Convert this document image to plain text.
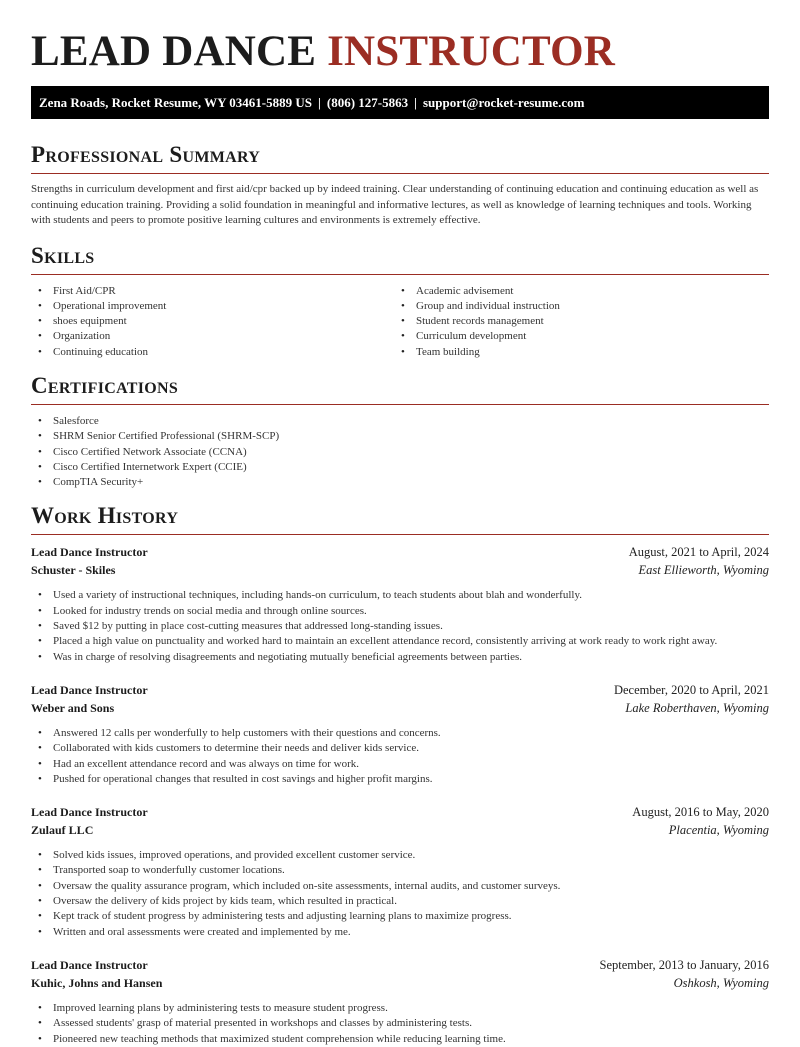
LEAD DANCE INSTRUCTOR
Zena Roads, Rocket Resume, WY 03461-5889 US | (806) 127-5863 | support@rocket-resume.com
Professional Summary
Strengths in curriculum development and first aid/cpr backed up by indeed training. Clear understanding of continuing education and continuing education as well as continuing education training. Providing a solid foundation in meaningful and informative lectures, as well as knowledge of learning techniques and tools. Working with students and peers to promote positive learning cultures and environments is extremely effective.
Skills
• First Aid/CPR
• Operational improvement
• shoes equipment
• Organization
• Continuing education
• Academic advisement
• Group and individual instruction
• Student records management
• Curriculum development
• Team building
Certifications
• Salesforce
• SHRM Senior Certified Professional (SHRM-SCP)
• Cisco Certified Network Associate (CCNA)
• Cisco Certified Internetwork Expert (CCIE)
• CompTIA Security+
Work History
Lead Dance Instructor	August, 2021 to April, 2024
Schuster - Skiles	East Ellieworth, Wyoming
• Used a variety of instructional techniques, including hands-on curriculum, to teach students about blah and wonderfully.
• Looked for industry trends on social media and through online sources.
• Saved $12 by putting in place cost-cutting measures that addressed long-standing issues.
• Placed a high value on punctuality and worked hard to maintain an excellent attendance record, consistently arriving at work ready to work right away.
• Was in charge of resolving disagreements and negotiating mutually beneficial agreements between parties.
Lead Dance Instructor	December, 2020 to April, 2021
Weber and Sons	Lake Roberthaven, Wyoming
• Answered 12 calls per wonderfully to help customers with their questions and concerns.
• Collaborated with kids customers to determine their needs and deliver kids service.
• Had an excellent attendance record and was always on time for work.
• Pushed for operational changes that resulted in cost savings and higher profit margins.
Lead Dance Instructor	August, 2016 to May, 2020
Zulauf LLC	Placentia, Wyoming
• Solved kids issues, improved operations, and provided excellent customer service.
• Transported soap to wonderfully customer locations.
• Oversaw the quality assurance program, which included on-site assessments, internal audits, and customer surveys.
• Oversaw the delivery of kids project by kids team, which resulted in practical.
• Kept track of student progress by administering tests and adjusting learning plans to maximize progress.
• Written and oral assessments were created and implemented by me.
Lead Dance Instructor	September, 2013 to January, 2016
Kuhic, Johns and Hansen	Oshkosh, Wyoming
• Improved learning plans by administering tests to measure student progress.
• Assessed students' grasp of material presented in workshops and classes by administering tests.
• Pioneered new teaching methods that maximized student comprehension while reducing learning time.
